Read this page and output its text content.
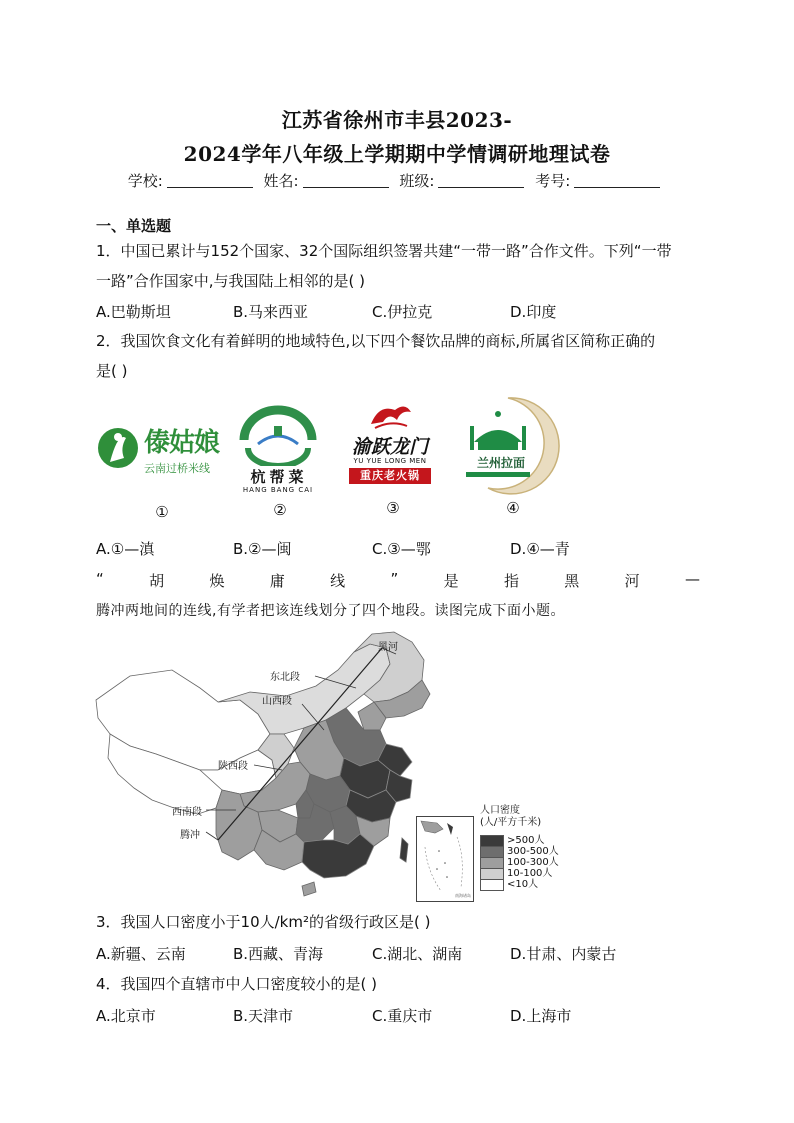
江苏省徐州市丰县2023-
2024学年八年级上学期期中学情调研地理试卷
学校:	姓名:	班级:	考号:
一、单选题
1．中国已累计与152个国家、32个国际组织签署共建“一带一路”合作文件。下列“一带
一路”合作国家中,与我国陆上相邻的是( )
A.巴勒斯坦	B.马来西亚	C.伊拉克	D.印度
2．我国饮食文化有着鲜明的地域特色,以下四个餐饮品牌的商标,所属省区简称正确的
是( )
傣姑娘
云南过桥米线	杭帮菜
HANG BANG CAI
渝跃龙门
YU YUE LONG MEN
重庆老火锅
兰州拉面
①	②	③	④
A.①—滇	B.②—闽	C.③—鄂	D.④—青
“	胡	焕	庸	线	”	是	指	黑	河	—
腾冲两地间的连线,有学者把该连线划分了四个地段。读图完成下面小题。
黑河
东北段
山西段
陕西段
西南段
腾冲
南海诸岛
人口密度
(人/平方千米)
>500人
300-500人
100-300人
10-100人
<10人
3．我国人口密度小于10人/km²的省级行政区是( )
A.新疆、云南	B.西藏、青海	C.湖北、湖南	D.甘肃、内蒙古
4．我国四个直辖市中人口密度较小的是( )
A.北京市	B.天津市	C.重庆市	D.上海市
